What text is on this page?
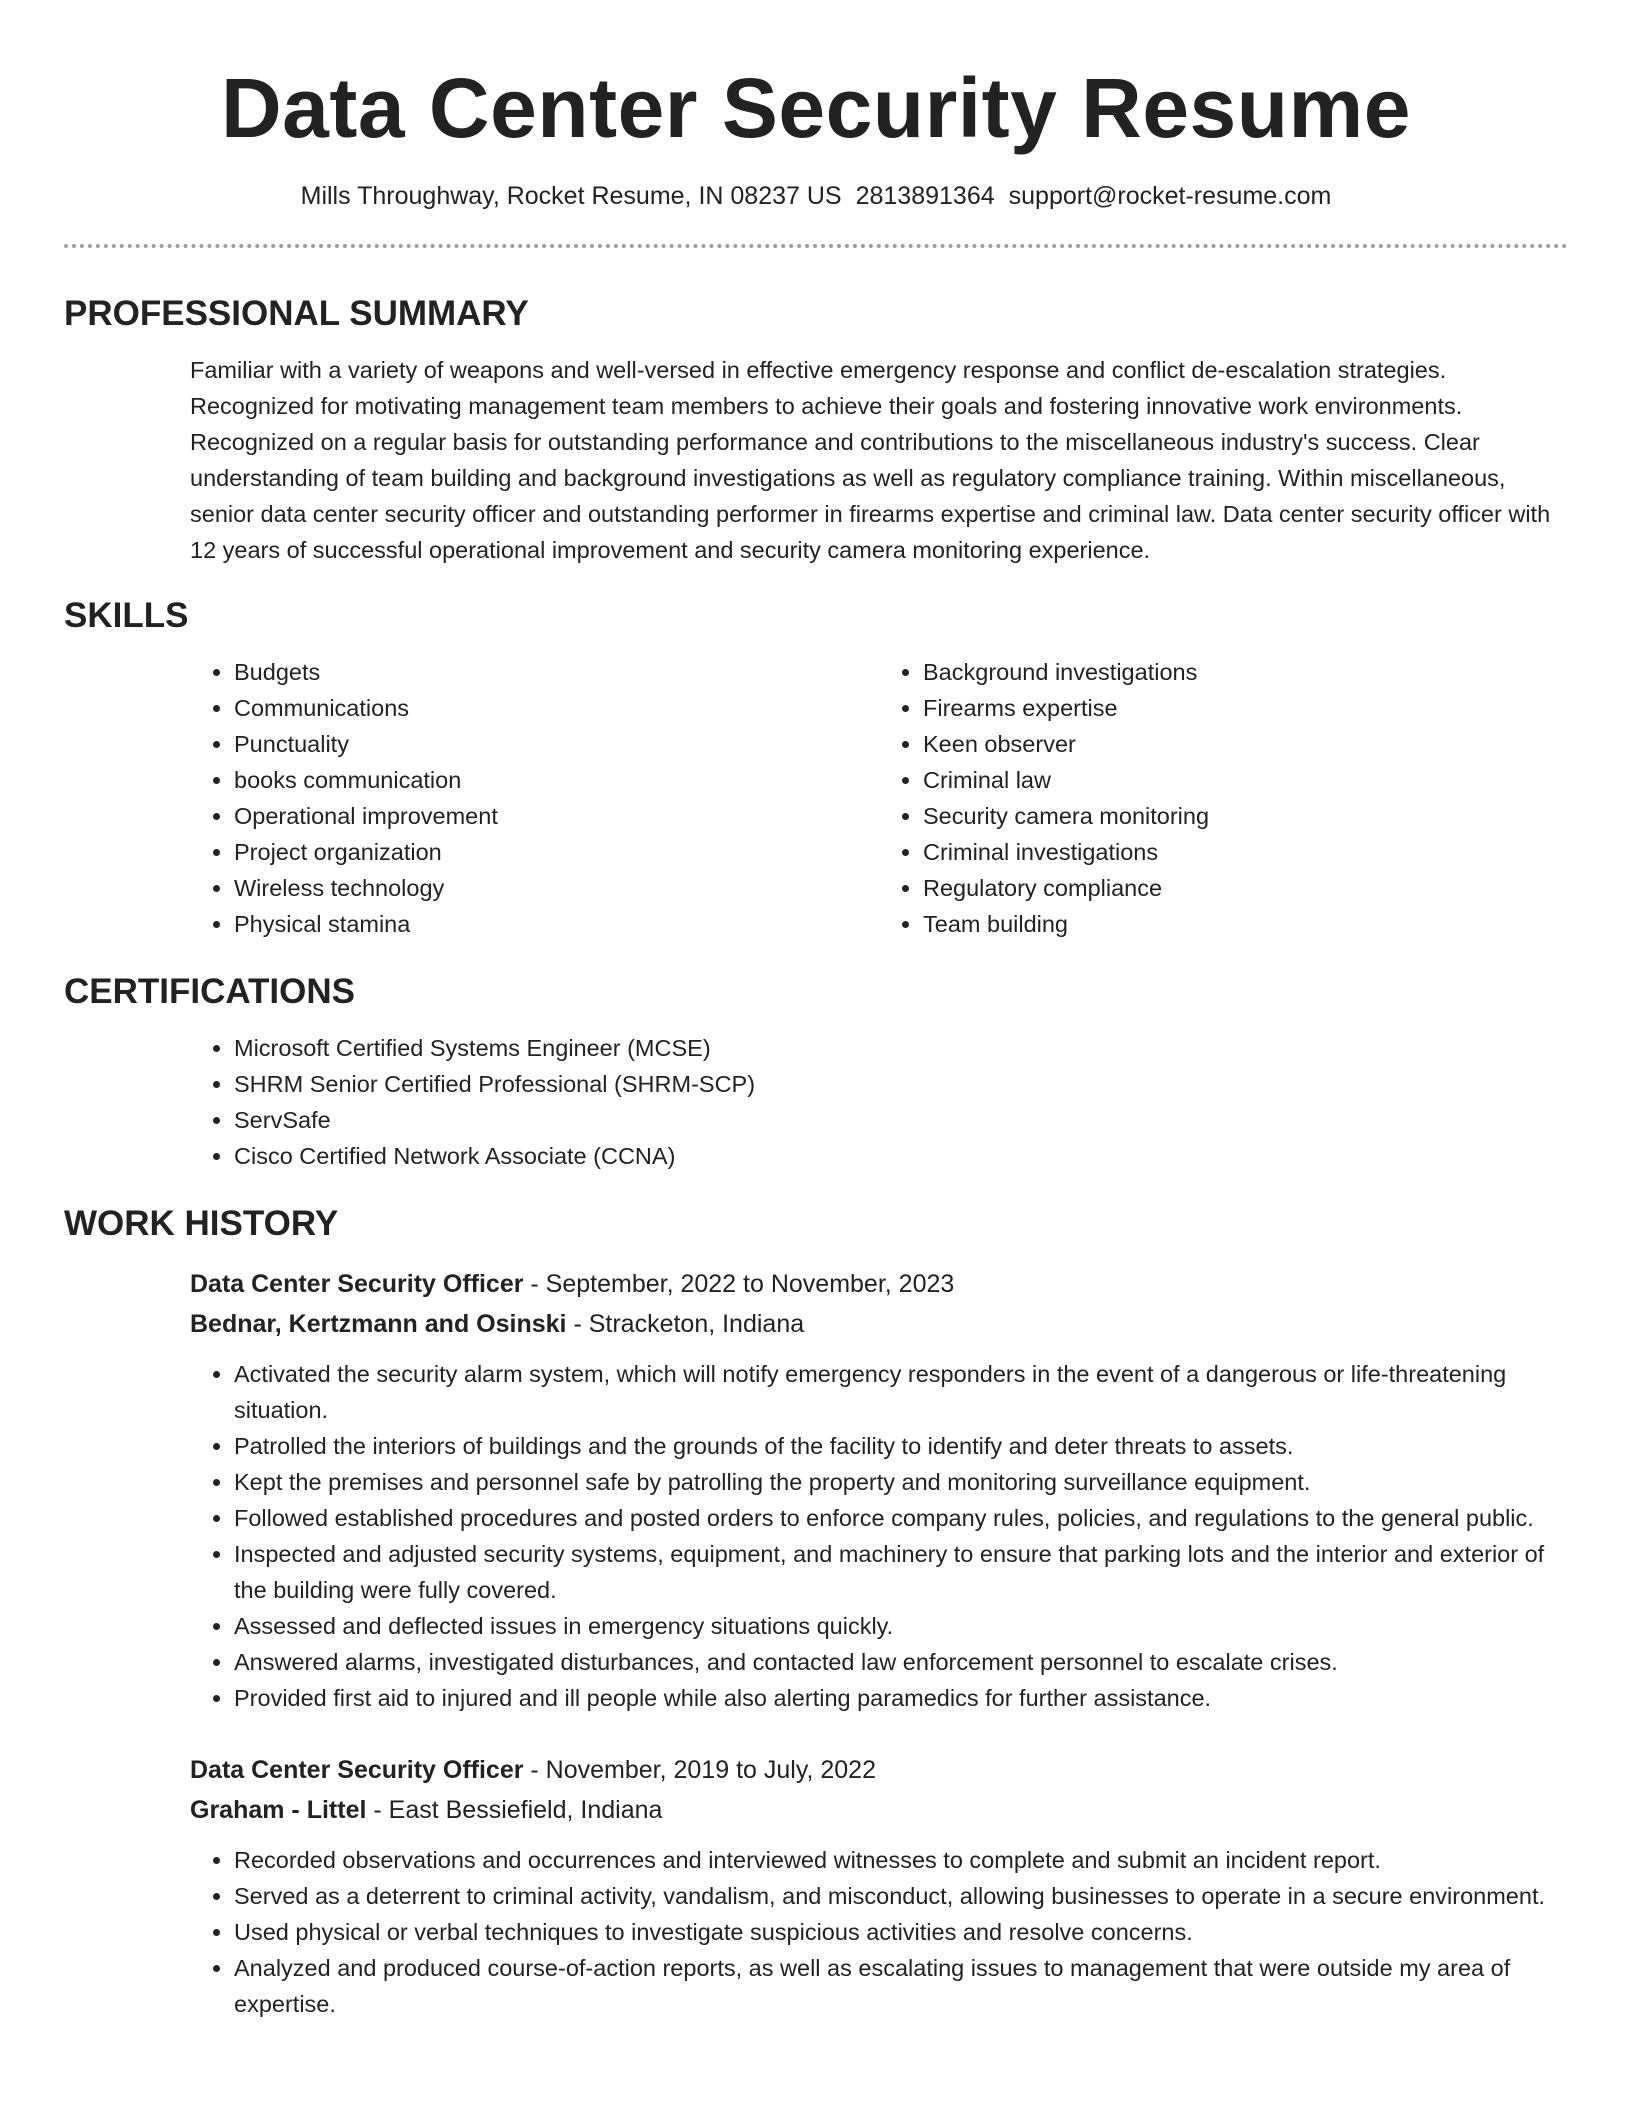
Data Center Security Resume
Mills Throughway, Rocket Resume, IN 08237 US 2813891364 support@rocket-resume.com
PROFESSIONAL SUMMARY

Familiar with a variety of weapons and well-versed in effective emergency response and conflict de-escalation strategies. Recognized for motivating management team members to achieve their goals and fostering innovative work environments. Recognized on a regular basis for outstanding performance and contributions to the miscellaneous industry's success. Clear understanding of team building and background investigations as well as regulatory compliance training. Within miscellaneous, senior data center security officer and outstanding performer in firearms expertise and criminal law. Data center security officer with 12 years of successful operational improvement and security camera monitoring experience.

SKILLS
• Budgets
• Communications
• Punctuality
• books communication
• Operational improvement
• Project organization
• Wireless technology
• Physical stamina
• Background investigations
• Firearms expertise
• Keen observer
• Criminal law
• Security camera monitoring
• Criminal investigations
• Regulatory compliance
• Team building
CERTIFICATIONS
• Microsoft Certified Systems Engineer (MCSE)
• SHRM Senior Certified Professional (SHRM-SCP)
• ServSafe
• Cisco Certified Network Associate (CCNA)
WORK HISTORY
Data Center Security Officer - September, 2022 to November, 2023
Bednar, Kertzmann and Osinski - Stracketon, Indiana
• Activated the security alarm system, which will notify emergency responders in the event of a dangerous or life-threatening situation.
• Patrolled the interiors of buildings and the grounds of the facility to identify and deter threats to assets.
• Kept the premises and personnel safe by patrolling the property and monitoring surveillance equipment.
• Followed established procedures and posted orders to enforce company rules, policies, and regulations to the general public.
• Inspected and adjusted security systems, equipment, and machinery to ensure that parking lots and the interior and exterior of the building were fully covered.
• Assessed and deflected issues in emergency situations quickly.
• Answered alarms, investigated disturbances, and contacted law enforcement personnel to escalate crises.
• Provided first aid to injured and ill people while also alerting paramedics for further assistance.
Data Center Security Officer - November, 2019 to July, 2022
Graham - Littel - East Bessiefield, Indiana
• Recorded observations and occurrences and interviewed witnesses to complete and submit an incident report.
• Served as a deterrent to criminal activity, vandalism, and misconduct, allowing businesses to operate in a secure environment.
• Used physical or verbal techniques to investigate suspicious activities and resolve concerns.
• Analyzed and produced course-of-action reports, as well as escalating issues to management that were outside my area of expertise.
